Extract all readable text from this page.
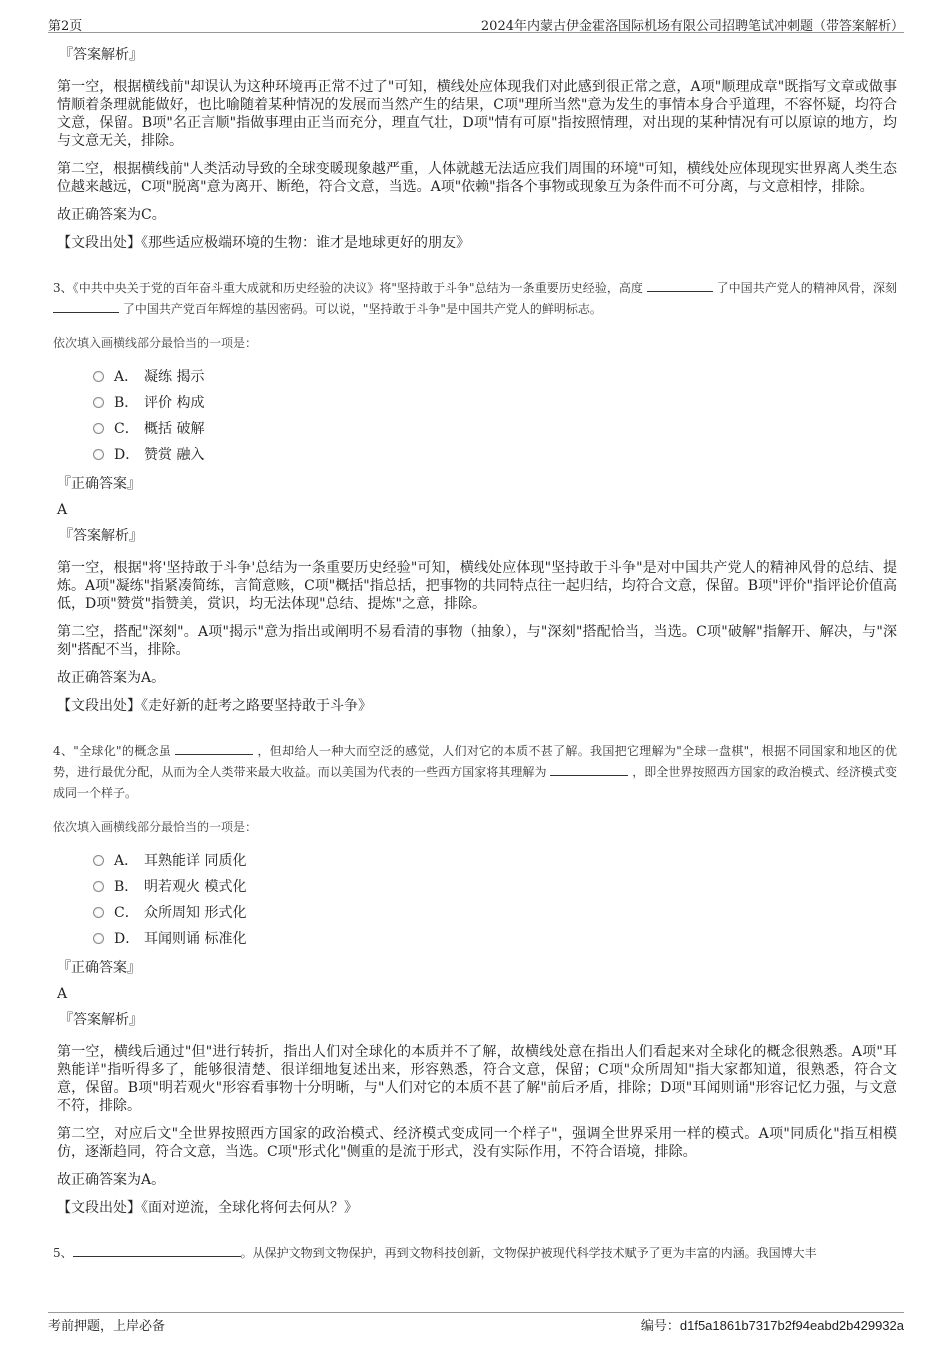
第2页	2024年内蒙古伊金霍洛国际机场有限公司招聘笔试冲刺题（带答案解析）
『答案解析』

第一空，根据横线前"却误认为这种环境再正常不过了"可知，横线处应体现我们对此感到很正常之意，A项"顺理成章"既指写文章或做事情顺着条理就能做好，也比喻随着某种情况的发展而当然产生的结果，C项"理所当然"意为发生的事情本身合乎道理，不容怀疑，均符合文意，保留。B项"名正言顺"指做事理由正当而充分，理直气壮，D项"情有可原"指按照情理，对出现的某种情况有可以原谅的地方，均与文意无关，排除。

第二空，根据横线前"人类活动导致的全球变暖现象越严重，人体就越无法适应我们周围的环境"可知，横线处应体现现实世界离人类生态位越来越远，C项"脱离"意为离开、断绝，符合文意，当选。A项"依赖"指各个事物或现象互为条件而不可分离，与文意相悖，排除。

故正确答案为C。

【文段出处】《那些适应极端环境的生物：谁才是地球更好的朋友》

3、《中共中央关于党的百年奋斗重大成就和历史经验的决议》将"坚持敢于斗争"总结为一条重要历史经验，高度	了中国共产党人的精神风骨，深刻  了中国共产党百年辉煌的基因密码。可以说，"坚持敢于斗争"是中国共产党人的鲜明标志。
依次填入画横线部分最恰当的一项是：
A． 凝练 揭示
B． 评价 构成
C． 概括 破解
D． 赞赏 融入
『正确答案』
A
『答案解析』

第一空，根据"将'坚持敢于斗争'总结为一条重要历史经验"可知，横线处应体现"坚持敢于斗争"是对中国共产党人的精神风骨的总结、提炼。A项"凝练"指紧凑简练，言简意赅，C项"概括"指总括，把事物的共同特点往一起归结，均符合文意，保留。B项"评价"指评论价值高低，D项"赞赏"指赞美，赏识，均无法体现"总结、提炼"之意，排除。

第二空，搭配"深刻"。A项"揭示"意为指出或阐明不易看清的事物（抽象），与"深刻"搭配恰当，当选。C项"破解"指解开、解决，与"深刻"搭配不当，排除。

故正确答案为A。

【文段出处】《走好新的赶考之路要坚持敢于斗争》

4、"全球化"的概念虽	，但却给人一种大而空泛的感觉，人们对它的本质不甚了解。我国把它理解为"全球一盘棋"，根据不同国家和地区的优势，进行最优分配，从而为全人类带来最大收益。而以美国为代表的一些西方国家将其理解为	，即全世界按照西方国家的政治模式、经济模式变成同一个样子。
依次填入画横线部分最恰当的一项是：
A． 耳熟能详 同质化
B． 明若观火 模式化
C． 众所周知 形式化
D． 耳闻则诵 标准化
『正确答案』
A
『答案解析』

第一空，横线后通过"但"进行转折，指出人们对全球化的本质并不了解，故横线处意在指出人们看起来对全球化的概念很熟悉。A项"耳熟能详"指听得多了，能够很清楚、很详细地复述出来，形容熟悉，符合文意，保留；C项"众所周知"指大家都知道，很熟悉，符合文意，保留。B项"明若观火"形容看事物十分明晰，与"人们对它的本质不甚了解"前后矛盾，排除；D项"耳闻则诵"形容记忆力强，与文意不符，排除。

第二空，对应后文"全世界按照西方国家的政治模式、经济模式变成同一个样子"，强调全世界采用一样的模式。A项"同质化"指互相模仿，逐渐趋同，符合文意，当选。C项"形式化"侧重的是流于形式，没有实际作用，不符合语境，排除。

故正确答案为A。

【文段出处】《面对逆流，全球化将何去何从？》

5、	。从保护文物到文物保护，再到文物科技创新，文物保护被现代科学技术赋予了更为丰富的内涵。我国博大丰
考前押题，上岸必备	编号：d1f5a1861b7317b2f94eabd2b429932a
